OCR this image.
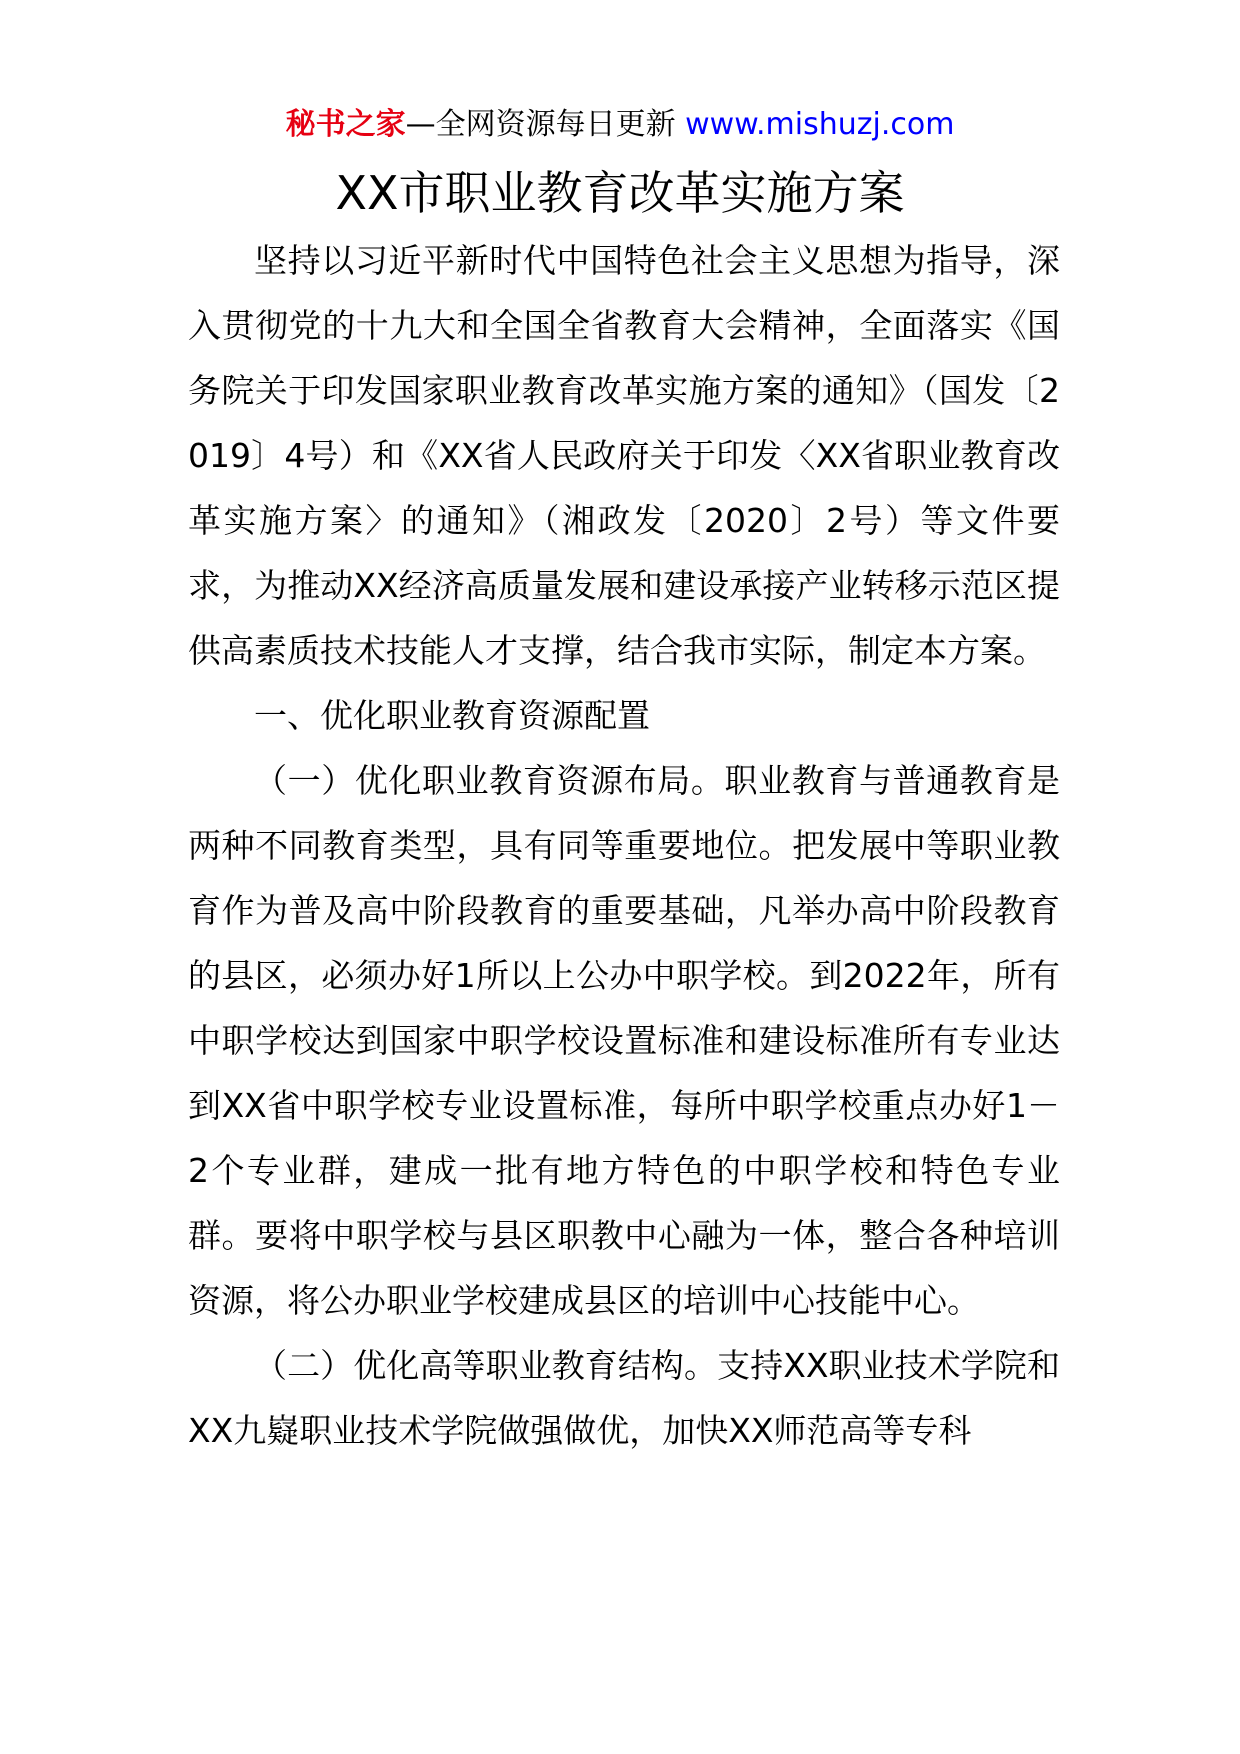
秘书之家—全网资源每日更新 www.mishuzj.com
XX市职业教育改革实施方案

坚持以习近平新时代中国特色社会主义思想为指导，深入贯彻党的十九大和全国全省教育大会精神，全面落实《国务院关于印发国家职业教育改革实施方案的通知》（国发〔2019〕4号）和《XX省人民政府关于印发〈XX省职业教育改革实施方案〉的通知》（湘政发〔2020〕2号）等文件要求，为推动XX经济高质量发展和建设承接产业转移示范区提供高素质技术技能人才支撑，结合我市实际，制定本方案。

一、优化职业教育资源配置

（一）优化职业教育资源布局。职业教育与普通教育是两种不同教育类型，具有同等重要地位。把发展中等职业教育作为普及高中阶段教育的重要基础，凡举办高中阶段教育的县区，必须办好1所以上公办中职学校。到2022年，所有中职学校达到国家中职学校设置标准和建设标准所有专业达到XX省中职学校专业设置标准，每所中职学校重点办好1－2个专业群，建成一批有地方特色的中职学校和特色专业群。要将中职学校与县区职教中心融为一体，整合各种培训资源，将公办职业学校建成县区的培训中心技能中心。

（二）优化高等职业教育结构。支持XX职业技术学院和XX九嶷职业技术学院做强做优，加快XX师范高等专科
